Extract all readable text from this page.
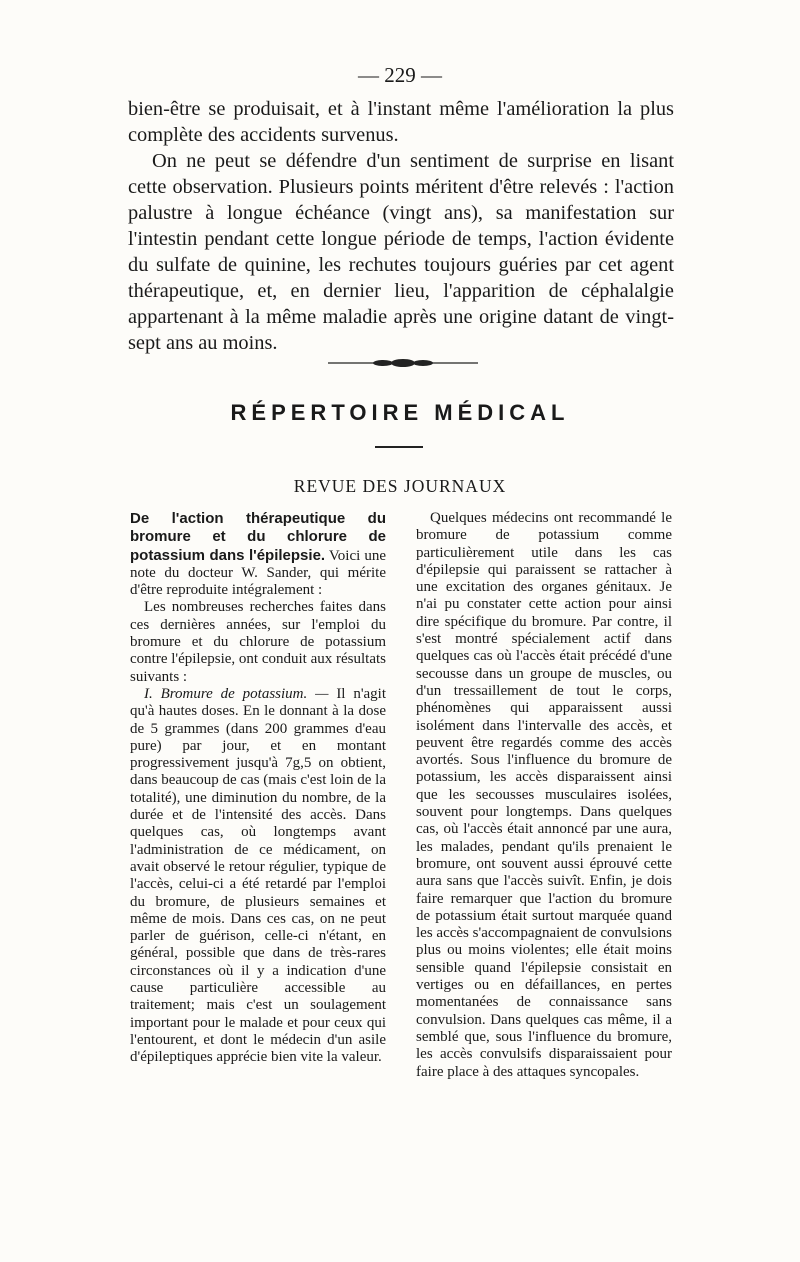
— 229 —

bien-être se produisait, et à l'instant même l'amélioration la plus complète des accidents survenus.

On ne peut se défendre d'un sentiment de surprise en lisant cette observation. Plusieurs points méritent d'être relevés : l'action palustre à longue échéance (vingt ans), sa manifestation sur l'intestin pendant cette longue période de temps, l'action évidente du sulfate de quinine, les rechutes toujours guéries par cet agent thérapeutique, et, en dernier lieu, l'apparition de céphalalgie appartenant à la même maladie après une origine datant de vingt-sept ans au moins.

RÉPERTOIRE MÉDICAL
REVUE DES JOURNAUX

De l'action thérapeutique du bromure et du chlorure de potassium dans l'épilepsie. Voici une note du docteur W. Sander, qui mérite d'être reproduite intégralement :

Les nombreuses recherches faites dans ces dernières années, sur l'emploi du bromure et du chlorure de potassium contre l'épilepsie, ont conduit aux résultats suivants :

I. Bromure de potassium. — Il n'agit qu'à hautes doses. En le donnant à la dose de 5 grammes (dans 200 grammes d'eau pure) par jour, et en montant progressivement jusqu'à 7g,5 on obtient, dans beaucoup de cas (mais c'est loin de la totalité), une diminution du nombre, de la durée et de l'intensité des accès. Dans quelques cas, où longtemps avant l'administration de ce médicament, on avait observé le retour régulier, typique de l'accès, celui-ci a été retardé par l'emploi du bromure, de plusieurs semaines et même de mois. Dans ces cas, on ne peut parler de guérison, celle-ci n'étant, en général, possible que dans de très-rares circonstances où il y a indication d'une cause particulière accessible au traitement; mais c'est un soulagement important pour le malade et pour ceux qui l'entourent, et dont le médecin d'un asile d'épileptiques apprécie bien vite la valeur.

Quelques médecins ont recommandé le bromure de potassium comme particulièrement utile dans les cas d'épilepsie qui paraissent se rattacher à une excitation des organes génitaux. Je n'ai pu constater cette action pour ainsi dire spécifique du bromure. Par contre, il s'est montré spécialement actif dans quelques cas où l'accès était précédé d'une secousse dans un groupe de muscles, ou d'un tressaillement de tout le corps, phénomènes qui apparaissent aussi isolément dans l'intervalle des accès, et peuvent être regardés comme des accès avortés. Sous l'influence du bromure de potassium, les accès disparaissent ainsi que les secousses musculaires isolées, souvent pour longtemps. Dans quelques cas, où l'accès était annoncé par une aura, les malades, pendant qu'ils prenaient le bromure, ont souvent aussi éprouvé cette aura sans que l'accès suivît. Enfin, je dois faire remarquer que l'action du bromure de potassium était surtout marquée quand les accès s'accompagnaient de convulsions plus ou moins violentes; elle était moins sensible quand l'épilepsie consistait en vertiges ou en défaillances, en pertes momentanées de connaissance sans convulsion. Dans quelques cas même, il a semblé que, sous l'influence du bromure, les accès convulsifs disparaissaient pour faire place à des attaques syncopales.
